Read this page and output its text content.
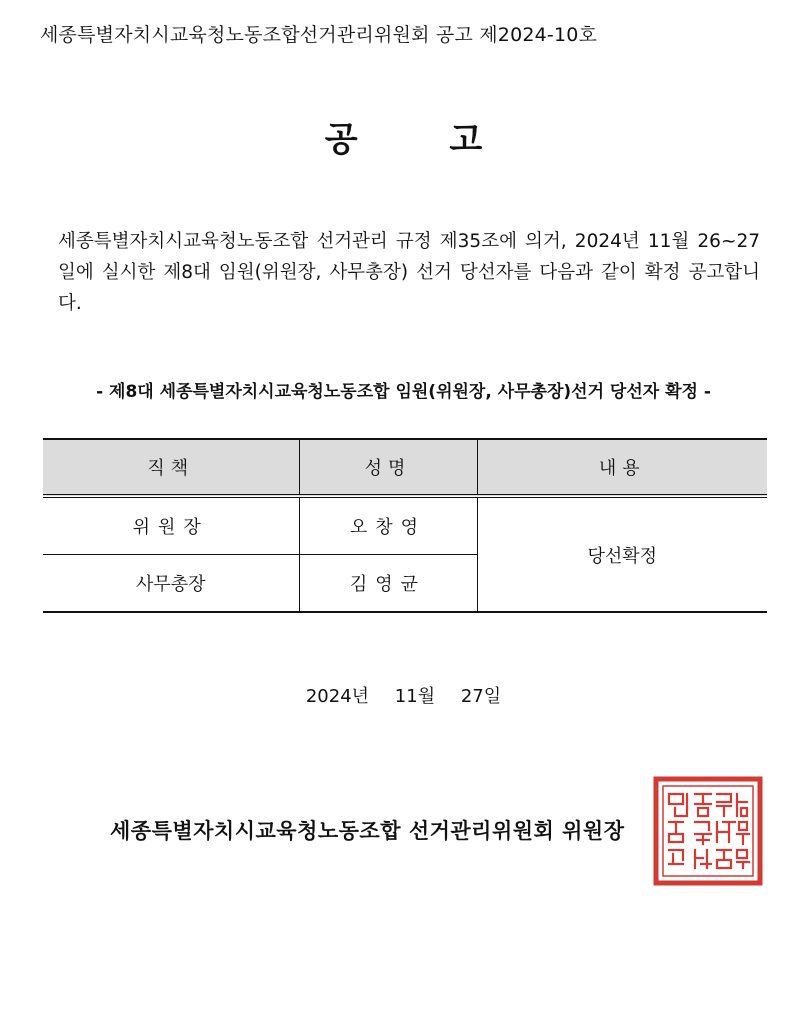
세종특별자치시교육청노동조합선거관리위원회 공고 제2024-10호
공	고

세종특별자치시교육청노동조합 선거관리 규정 제35조에 의거, 2024년 11월 26~27일에 실시한 제8대 임원(위원장, 사무총장) 선거 당선자를 다음과 같이 확정 공고합니다.

- 제8대 세종특별자치시교육청노동조합 임원(위원장, 사무총장)선거 당선자 확정 -
직책	성명	내용
위원장	오창영	당선확정
사무총장	김영균	
2024년 11월 27일
세종특별자치시교육청노동조합 선거관리위원회 위원장
